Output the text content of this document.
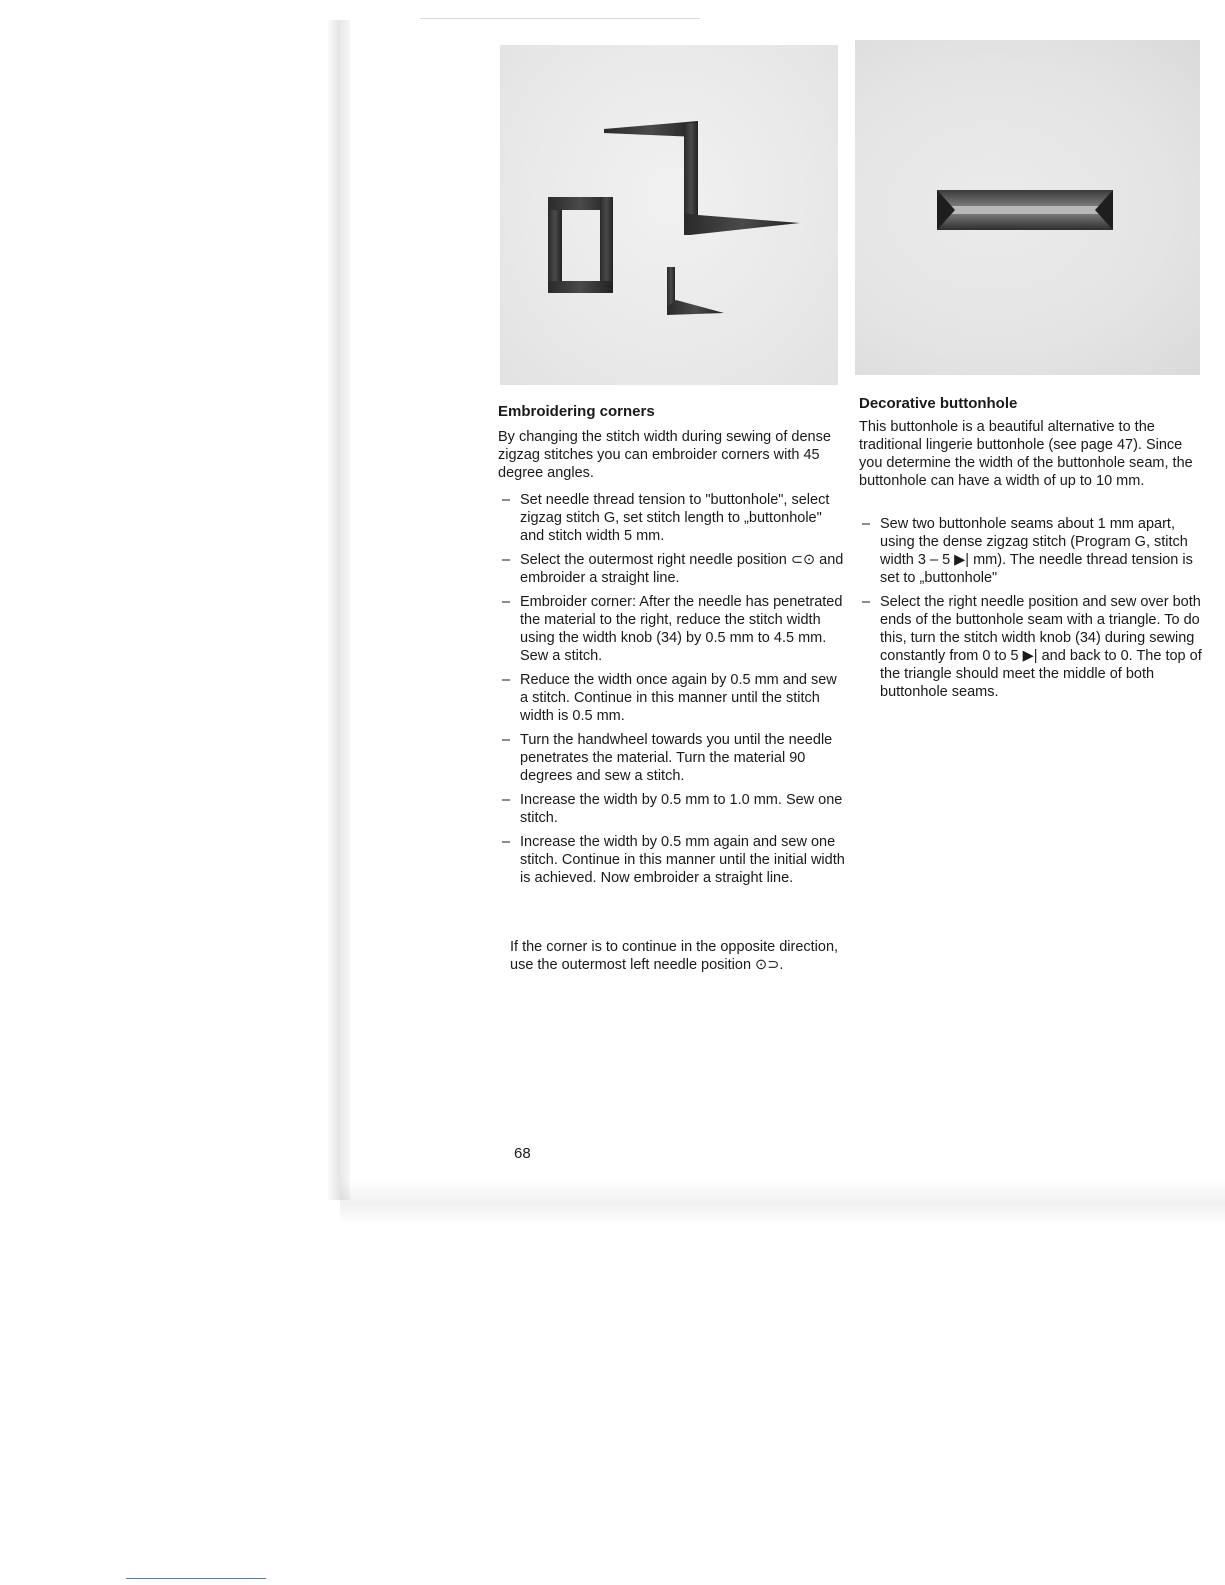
Embroidering corners
By changing the stitch width during sewing of dense zigzag stitches you can embroider corners with 45 degree angles.
– Set needle thread tension to "buttonhole", select zigzag stitch G, set stitch length to „buttonhole" and stitch width 5 mm.
– Select the outermost right needle position ⊂⊙ and embroider a straight line.
– Embroider corner: After the needle has penetrated the material to the right, reduce the stitch width using the width knob (34) by 0.5 mm to 4.5 mm. Sew a stitch.
– Reduce the width once again by 0.5 mm and sew a stitch. Continue in this manner until the stitch width is 0.5 mm.
– Turn the handwheel towards you until the needle penetrates the material. Turn the material 90 degrees and sew a stitch.
– Increase the width by 0.5 mm to 1.0 mm. Sew one stitch.
– Increase the width by 0.5 mm again and sew one stitch. Continue in this manner until the initial width is achieved. Now embroider a straight line.
If the corner is to continue in the opposite direction, use the outermost left needle position ⊙⊃.
Decorative buttonhole
This buttonhole is a beautiful alternative to the traditional lingerie buttonhole (see page 47). Since you determine the width of the buttonhole seam, the buttonhole can have a width of up to 10 mm.
– Sew two buttonhole seams about 1 mm apart, using the dense zigzag stitch (Program G, stitch width 3 – 5 ▶| mm). The needle thread tension is set to „buttonhole"
– Select the right needle position and sew over both ends of the buttonhole seam with a triangle. To do this, turn the stitch width knob (34) during sewing constantly from 0 to 5 ▶| and back to 0. The top of the triangle should meet the middle of both buttonhole seams.
68
